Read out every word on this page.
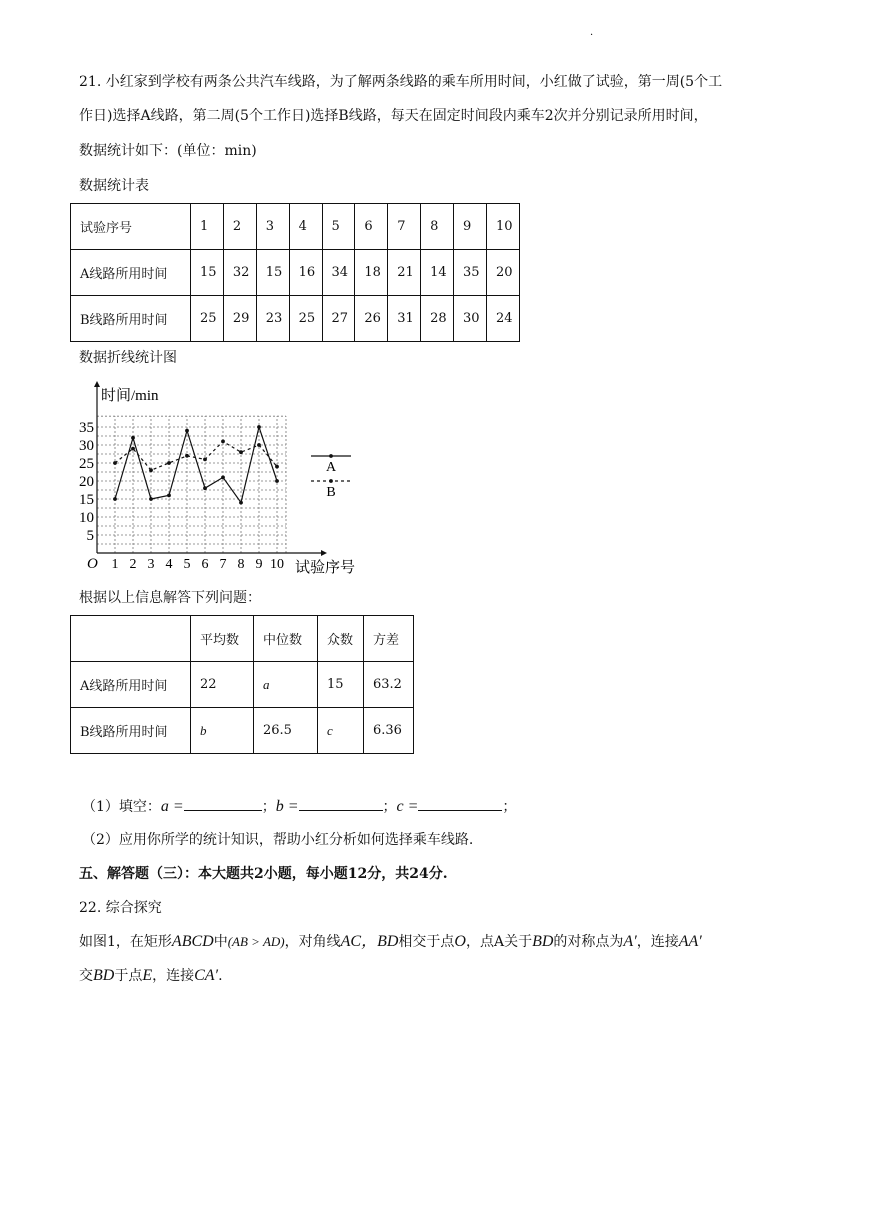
·
21. 小红家到学校有两条公共汽车线路，为了解两条线路的乘车所用时间，小红做了试验，第一周(5个工
作日)选择A线路，第二周(5个工作日)选择B线路，每天在固定时间段内乘车2次并分别记录所用时间，
数据统计如下：(单位：min)
数据统计表
试验序号	1	2	3	4	5	6	7	8	9	10
A线路所用时间	15	32	15	16	34	18	21	14	35	20
B线路所用时间	25	29	23	25	27	26	31	28	30	24
数据折线统计图
5
10
15
20
25
30
35
1 2 3 4 5 6 7 8 9 10
O
时间/min
试验序号
A
B
根据以上信息解答下列问题：
	平均数	中位数	众数	方差
A线路所用时间	22	a	15	63.2
B线路所用时间	b	26.5	c	6.36
（1）填空：a =	；b =	；c =	；
（2）应用你所学的统计知识，帮助小红分析如何选择乘车线路.
五、解答题（三）：本大题共2小题，每小题12分，共24分.
22. 综合探究
如图1，在矩形ABCD中(AB > AD)，对角线AC，BD相交于点O，点A关于BD的对称点为A′，连接AA′
交BD于点E，连接CA′.
